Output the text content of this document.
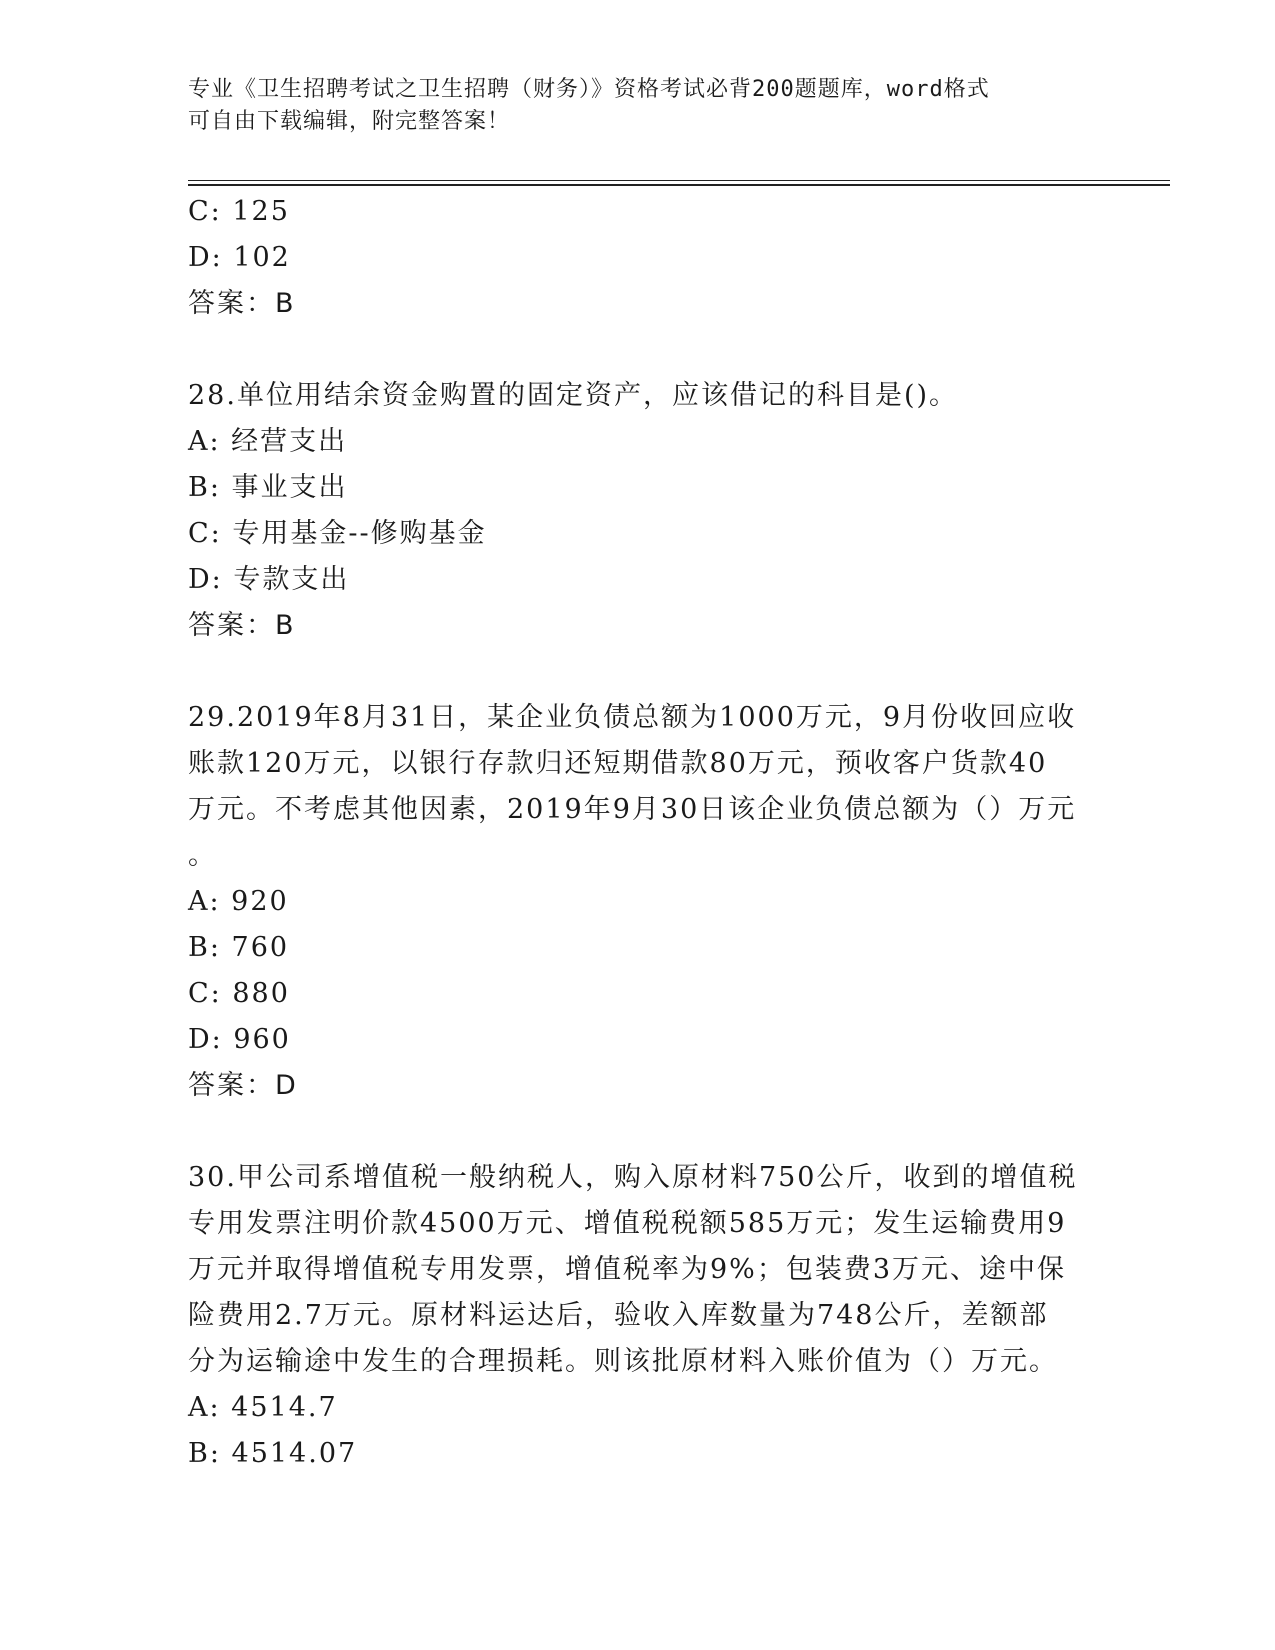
专业《卫生招聘考试之卫生招聘（财务）》资格考试必背200题题库，word格式
可自由下载编辑，附完整答案！
C: 125
D: 102
答案：B
28.单位用结余资金购置的固定资产，应该借记的科目是()。
A: 经营支出
B: 事业支出
C: 专用基金--修购基金
D: 专款支出
答案：B
29.2019年8月31日，某企业负债总额为1000万元，9月份收回应收
账款120万元，以银行存款归还短期借款80万元，预收客户货款40
万元。不考虑其他因素，2019年9月30日该企业负债总额为（）万元
。
A: 920
B: 760
C: 880
D: 960
答案：D
30.甲公司系增值税一般纳税人，购入原材料750公斤，收到的增值税
专用发票注明价款4500万元、增值税税额585万元；发生运输费用9
万元并取得增值税专用发票，增值税率为9%；包装费3万元、途中保
险费用2.7万元。原材料运达后，验收入库数量为748公斤，差额部
分为运输途中发生的合理损耗。则该批原材料入账价值为（）万元。
A: 4514.7
B: 4514.07
